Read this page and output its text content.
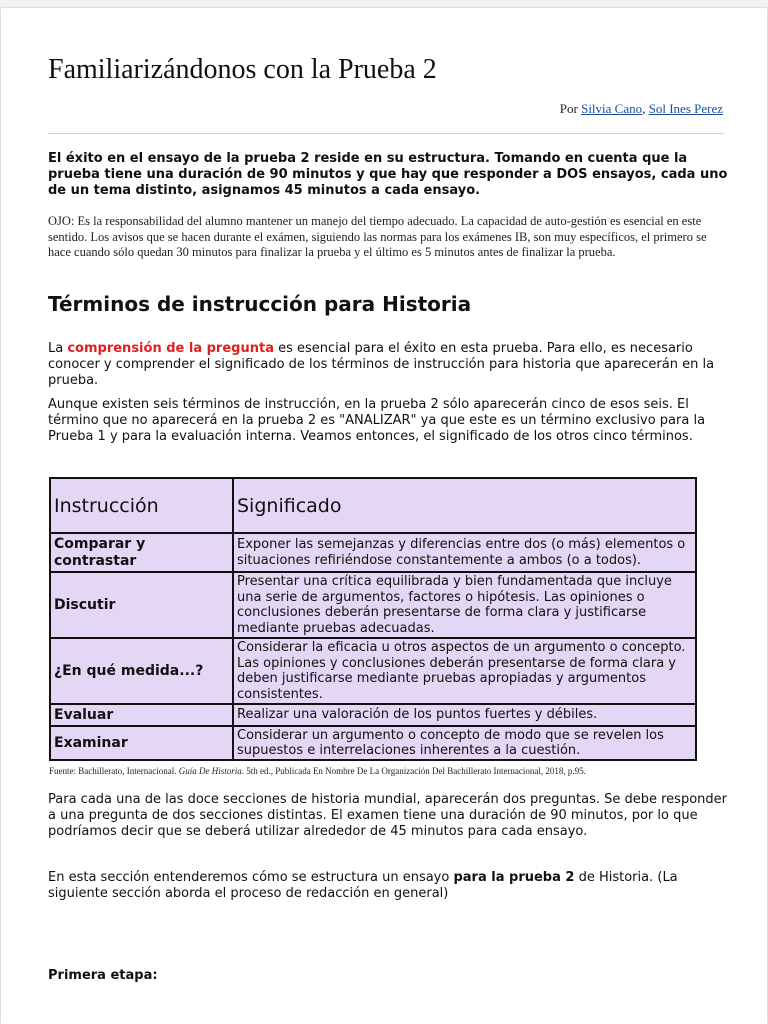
Familiarizándonos con la Prueba 2
Por Silvia Cano, Sol Ines Perez

El éxito en el ensayo de la prueba 2 reside en su estructura. Tomando en cuenta que la prueba tiene una duración de 90 minutos y que hay que responder a DOS ensayos, cada uno de un tema distinto, asignamos 45 minutos a cada ensayo.

OJO: Es la responsabilidad del alumno mantener un manejo del tiempo adecuado. La capacidad de auto-gestión es esencial en este sentido. Los avisos que se hacen durante el exámen, siguiendo las normas para los exámenes IB, son muy específicos, el primero se hace cuando sólo quedan 30 minutos para finalizar la prueba y el último es 5 minutos antes de finalizar la prueba.

Términos de instrucción para Historia

La comprensión de la pregunta es esencial para el éxito en esta prueba. Para ello, es necesario conocer y comprender el significado de los términos de instrucción para historia que aparecerán en la prueba.

Aunque existen seis términos de instrucción, en la prueba 2 sólo aparecerán cinco de esos seis. El término que no aparecerá en la prueba 2 es "ANALIZAR" ya que este es un término exclusivo para la Prueba 1 y para la evaluación interna. Veamos entonces, el significado de los otros cinco términos.

Instrucción	Significado
Comparar y contrastar	Exponer las semejanzas y diferencias entre dos (o más) elementos o situaciones refiriéndose constantemente a ambos (o a todos).
Discutir	Presentar una crítica equilibrada y bien fundamentada que incluye una serie de argumentos, factores o hipótesis. Las opiniones o conclusiones deberán presentarse de forma clara y justificarse mediante pruebas adecuadas.
¿En qué medida...?	Considerar la eficacia u otros aspectos de un argumento o concepto. Las opiniones y conclusiones deberán presentarse de forma clara y deben justificarse mediante pruebas apropiadas y argumentos consistentes.
Evaluar	Realizar una valoración de los puntos fuertes y débiles.
Examinar	Considerar un argumento o concepto de modo que se revelen los supuestos e interrelaciones inherentes a la cuestión.
Fuente: Bachillerato, Internacional. Guía De Historia. 5th ed., Publicada En Nombre De La Organización Del Bachillerato Internacional, 2018, p.95.

Para cada una de las doce secciones de historia mundial, aparecerán dos preguntas. Se debe responder a una pregunta de dos secciones distintas. El examen tiene una duración de 90 minutos, por lo que podríamos decir que se deberá utilizar alrededor de 45 minutos para cada ensayo.

En esta sección entenderemos cómo se estructura un ensayo para la prueba 2 de Historia. (La siguiente sección aborda el proceso de redacción en general)

Primera etapa:
